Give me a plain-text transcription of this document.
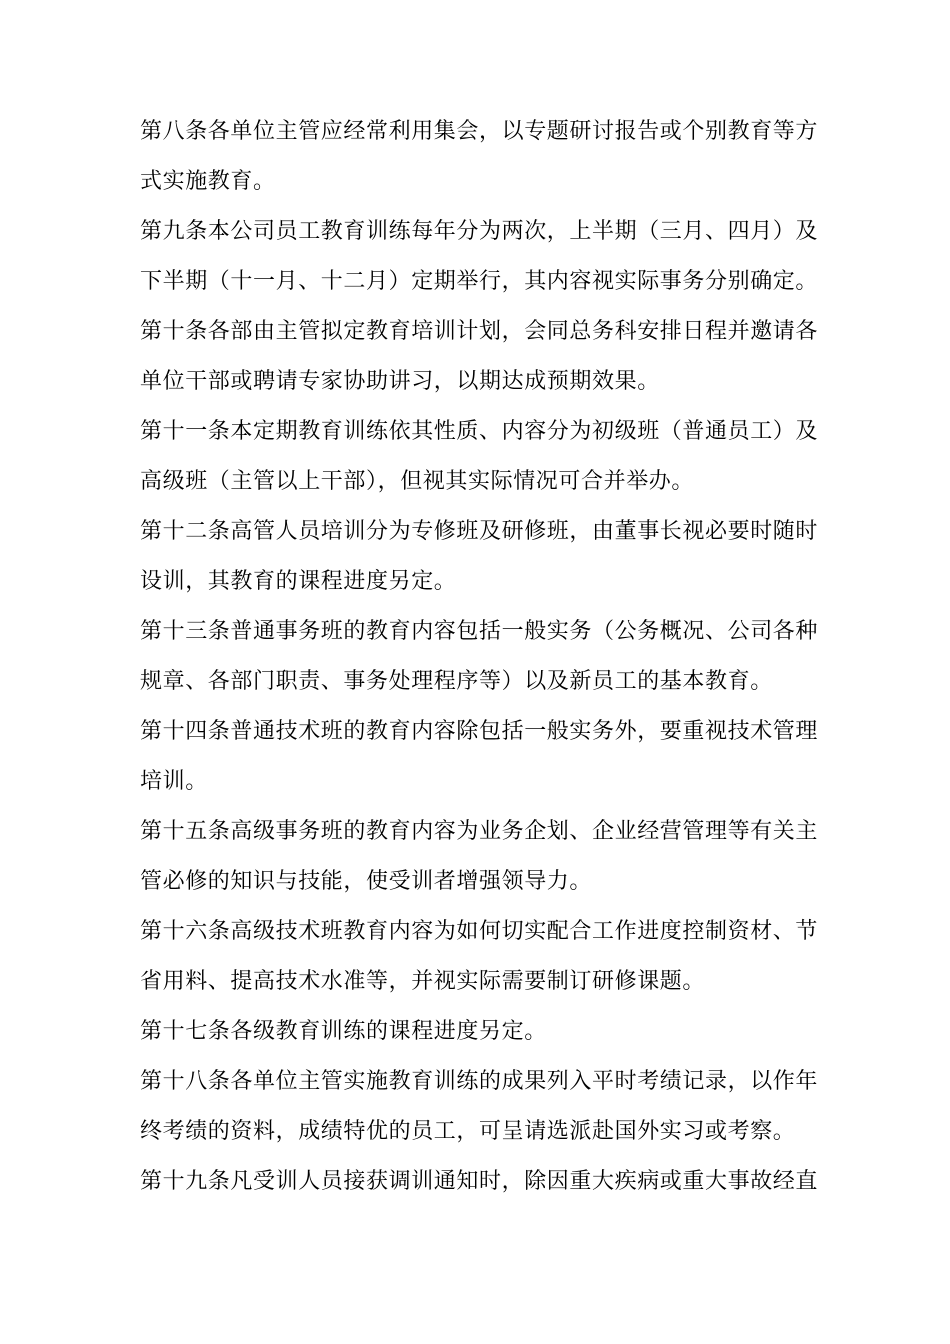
第八条各单位主管应经常利用集会，以专题研讨报告或个别教育等方
式实施教育。
第九条本公司员工教育训练每年分为两次，上半期（三月、四月）及
下半期（十一月、十二月）定期举行，其内容视实际事务分别确定。
第十条各部由主管拟定教育培训计划，会同总务科安排日程并邀请各
单位干部或聘请专家协助讲习，以期达成预期效果。
第十一条本定期教育训练依其性质、内容分为初级班（普通员工）及
高级班（主管以上干部），但视其实际情况可合并举办。
第十二条高管人员培训分为专修班及研修班，由董事长视必要时随时
设训，其教育的课程进度另定。
第十三条普通事务班的教育内容包括一般实务（公务概况、公司各种
规章、各部门职责、事务处理程序等）以及新员工的基本教育。
第十四条普通技术班的教育内容除包括一般实务外，要重视技术管理
培训。
第十五条高级事务班的教育内容为业务企划、企业经营管理等有关主
管必修的知识与技能，使受训者增强领导力。
第十六条高级技术班教育内容为如何切实配合工作进度控制资材、节
省用料、提高技术水准等，并视实际需要制订研修课题。
第十七条各级教育训练的课程进度另定。
第十八条各单位主管实施教育训练的成果列入平时考绩记录，以作年
终考绩的资料，成绩特优的员工，可呈请选派赴国外实习或考察。
第十九条凡受训人员接获调训通知时，除因重大疾病或重大事故经直
